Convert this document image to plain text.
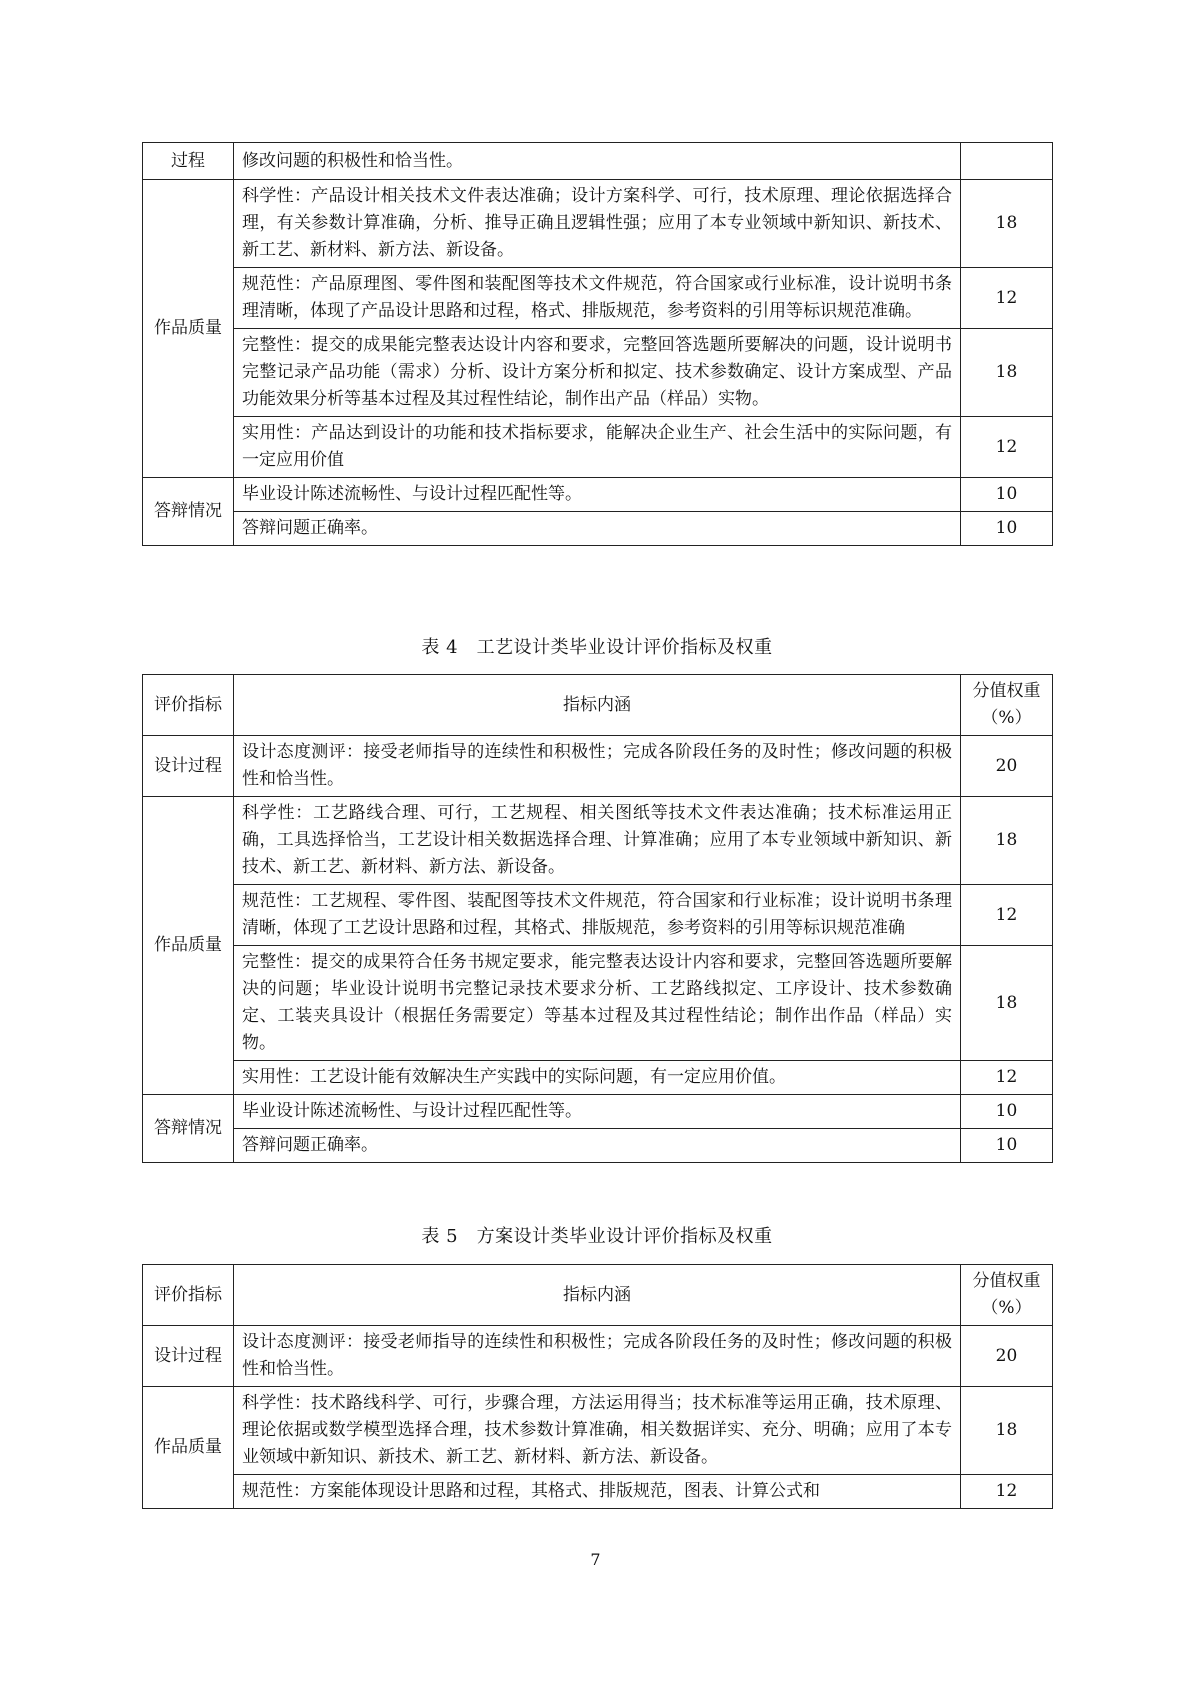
过程	修改问题的积极性和恰当性。	
作品质量	科学性：产品设计相关技术文件表达准确；设计方案科学、可行，技术原理、理论依据选择合理，有关参数计算准确，分析、推导正确且逻辑性强；应用了本专业领域中新知识、新技术、新工艺、新材料、新方法、新设备。	18
	规范性：产品原理图、零件图和装配图等技术文件规范，符合国家或行业标准，设计说明书条理清晰，体现了产品设计思路和过程，格式、排版规范，参考资料的引用等标识规范准确。	12
	完整性：提交的成果能完整表达设计内容和要求，完整回答选题所要解决的问题，设计说明书完整记录产品功能（需求）分析、设计方案分析和拟定、技术参数确定、设计方案成型、产品功能效果分析等基本过程及其过程性结论，制作出产品（样品）实物。	18
	实用性：产品达到设计的功能和技术指标要求，能解决企业生产、社会生活中的实际问题，有一定应用价值	12
答辩情况	毕业设计陈述流畅性、与设计过程匹配性等。	10
	答辩问题正确率。	10
表 4　工艺设计类毕业设计评价指标及权重
评价指标	指标内涵	分值权重（%）
设计过程	设计态度测评：接受老师指导的连续性和积极性；完成各阶段任务的及时性；修改问题的积极性和恰当性。	20
作品质量	科学性：工艺路线合理、可行，工艺规程、相关图纸等技术文件表达准确；技术标准运用正确，工具选择恰当，工艺设计相关数据选择合理、计算准确；应用了本专业领域中新知识、新技术、新工艺、新材料、新方法、新设备。	18
	规范性：工艺规程、零件图、装配图等技术文件规范，符合国家和行业标准；设计说明书条理清晰，体现了工艺设计思路和过程，其格式、排版规范，参考资料的引用等标识规范准确	12
	完整性：提交的成果符合任务书规定要求，能完整表达设计内容和要求，完整回答选题所要解决的问题；毕业设计说明书完整记录技术要求分析、工艺路线拟定、工序设计、技术参数确定、工装夹具设计（根据任务需要定）等基本过程及其过程性结论；制作出作品（样品）实物。	18
	实用性：工艺设计能有效解决生产实践中的实际问题，有一定应用价值。	12
答辩情况	毕业设计陈述流畅性、与设计过程匹配性等。	10
	答辩问题正确率。	10
表 5　方案设计类毕业设计评价指标及权重
评价指标	指标内涵	分值权重（%）
设计过程	设计态度测评：接受老师指导的连续性和积极性；完成各阶段任务的及时性；修改问题的积极性和恰当性。	20
作品质量	科学性：技术路线科学、可行，步骤合理，方法运用得当；技术标准等运用正确，技术原理、理论依据或数学模型选择合理，技术参数计算准确，相关数据详实、充分、明确；应用了本专业领域中新知识、新技术、新工艺、新材料、新方法、新设备。	18
	规范性：方案能体现设计思路和过程，其格式、排版规范，图表、计算公式和	12
7
